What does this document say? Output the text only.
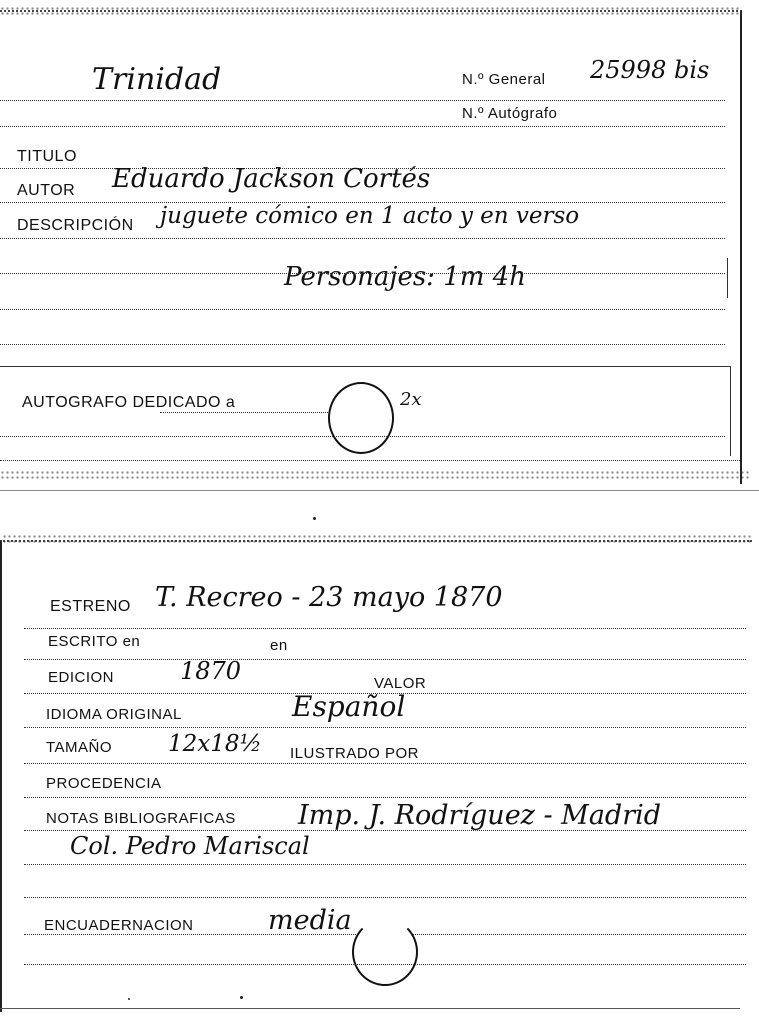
Trinidad	N.º General 25998 bis
N.º Autógrafo
TITULO
AUTOR Eduardo Jackson Cortés
DESCRIPCIÓN juguete cómico en 1 acto y en verso
Personajes: 1m 4h
AUTOGRAFO DEDICADO a	2x
ESTRENO T. Recreo - 23 mayo 1870
ESCRITO en	en
EDICION	1870	VALOR
IDIOMA ORIGINAL	Español
TAMAÑO 12x18½ ILUSTRADO POR
PROCEDENCIA
NOTAS BIBLIOGRAFICAS Imp. J. Rodríguez - Madrid
Col. Pedro Mariscal
ENCUADERNACION	media
